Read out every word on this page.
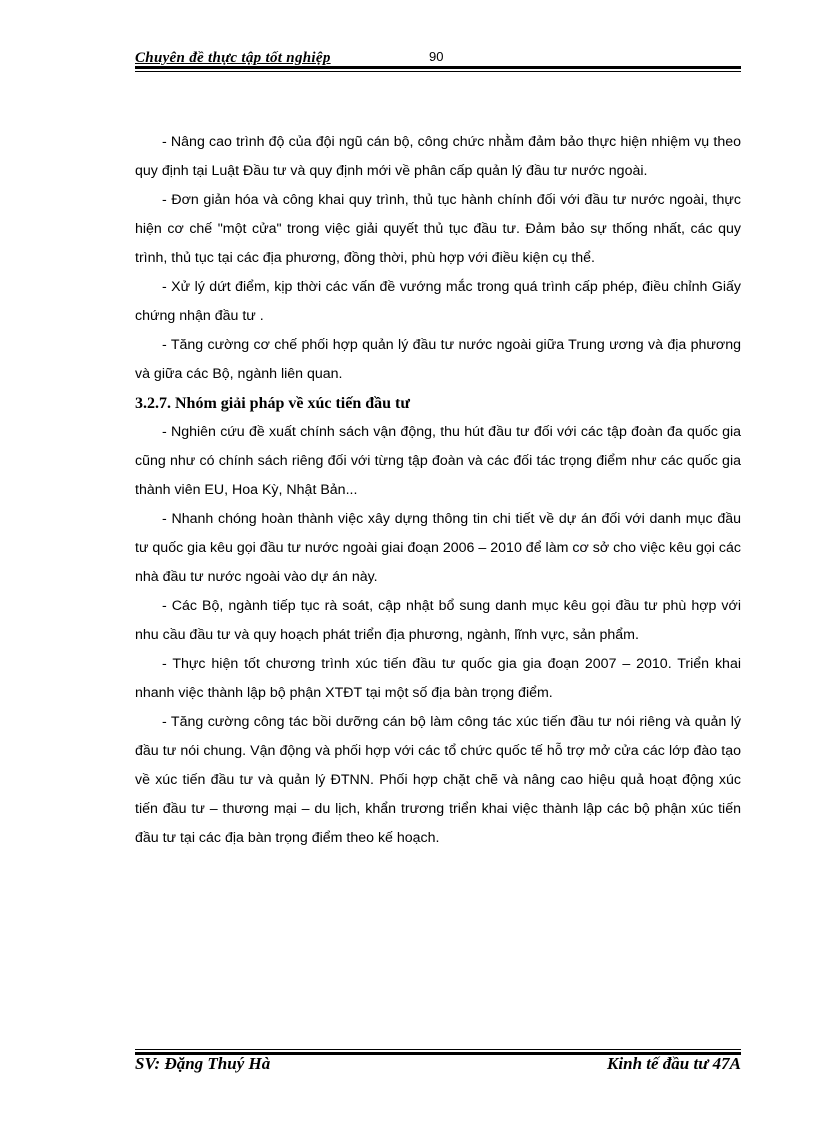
Chuyên đề thực tập tốt nghiệp	90

- Nâng cao trình độ của đội ngũ cán bộ, công chức nhằm đảm bảo thực hiện nhiệm vụ theo quy định tại Luật Đầu tư và quy định mới về phân cấp quản lý đầu tư nước ngoài.

- Đơn giản hóa và công khai quy trình, thủ tục hành chính đối với đầu tư nước ngoài, thực hiện cơ chế "một cửa" trong việc giải quyết thủ tục đầu tư. Đảm bảo sự thống nhất, các quy trình, thủ tục tại các địa phương, đồng thời, phù hợp với điều kiện cụ thể.

- Xử lý dứt điểm, kịp thời các vấn đề vướng mắc trong quá trình cấp phép, điều chỉnh Giấy chứng nhận đầu tư .

- Tăng cường cơ chế phối hợp quản lý đầu tư nước ngoài giữa Trung ương và địa phương và giữa các Bộ, ngành liên quan.

3.2.7. Nhóm giải pháp về xúc tiến đầu tư

- Nghiên cứu đề xuất chính sách vận động, thu hút đầu tư đối với các tập đoàn đa quốc gia cũng như có chính sách riêng đối với từng tập đoàn và các đối tác trọng điểm như các quốc gia thành viên EU, Hoa Kỳ, Nhật Bản...

- Nhanh chóng hoàn thành việc xây dựng thông tin chi tiết về dự án đối với danh mục đầu tư quốc gia kêu gọi đầu tư nước ngoài giai đoạn 2006 – 2010 để làm cơ sở cho việc kêu gọi các nhà đầu tư nước ngoài vào dự án này.

- Các Bộ, ngành tiếp tục rà soát, cập nhật bổ sung danh mục kêu gọi đầu tư phù hợp với nhu cầu đầu tư và quy hoạch phát triển địa phương, ngành, lĩnh vực, sản phẩm.

- Thực hiện tốt chương trình xúc tiến đầu tư quốc gia gia đoạn 2007 – 2010. Triển khai nhanh việc thành lập bộ phận XTĐT tại một số địa bàn trọng điểm.

- Tăng cường công tác bồi dưỡng cán bộ làm công tác xúc tiến đầu tư nói riêng và quản lý đầu tư nói chung. Vận động và phối hợp với các tổ chức quốc tế hỗ trợ mở cửa các lớp đào tạo về xúc tiến đầu tư và quản lý ĐTNN. Phối hợp chặt chẽ và nâng cao hiệu quả hoạt động xúc tiến đầu tư – thương mại – du lịch, khẩn trương triển khai việc thành lập các bộ phận xúc tiến đầu tư tại các địa bàn trọng điểm theo kế hoạch.

SV: Đặng Thuý Hà	Kinh tế đầu tư 47A
